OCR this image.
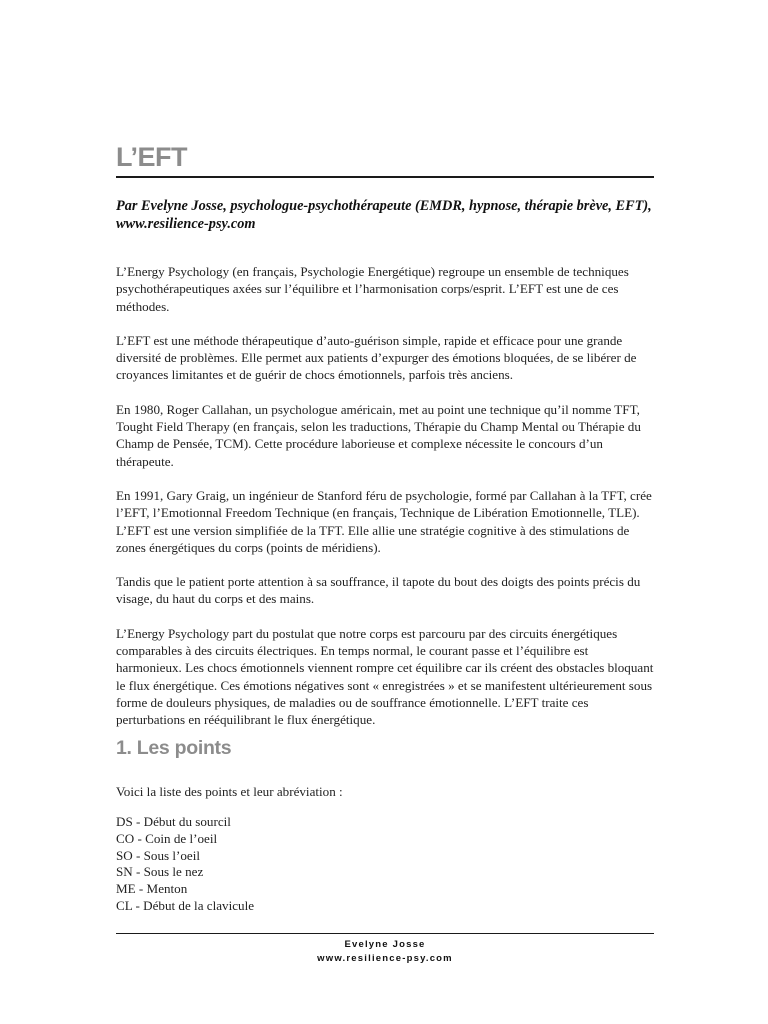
L’EFT

Par Evelyne Josse, psychologue-psychothérapeute (EMDR, hypnose, thérapie brève, EFT), www.resilience-psy.com

L’Energy Psychology (en français, Psychologie Energétique) regroupe un ensemble de techniques psychothérapeutiques axées sur l’équilibre et l’harmonisation corps/esprit. L’EFT est une de ces méthodes.

L’EFT est une méthode thérapeutique d’auto-guérison simple, rapide et efficace pour une grande diversité de problèmes. Elle permet aux patients d’expurger des émotions bloquées, de se libérer de croyances limitantes et de guérir de chocs émotionnels, parfois très anciens.

En 1980, Roger Callahan, un psychologue américain, met au point une technique qu’il nomme TFT, Tought Field Therapy (en français, selon les traductions, Thérapie du Champ Mental ou Thérapie du Champ de Pensée, TCM). Cette procédure laborieuse et complexe nécessite le concours d’un thérapeute.

En 1991, Gary Graig, un ingénieur de Stanford féru de psychologie, formé par Callahan à la TFT, crée l’EFT, l’Emotionnal Freedom Technique (en français, Technique de Libération Emotionnelle, TLE). L’EFT est une version simplifiée de la TFT. Elle allie une stratégie cognitive à des stimulations de zones énergétiques du corps (points de méridiens).

Tandis que le patient porte attention à sa souffrance, il tapote du bout des doigts des points précis du visage, du haut du corps et des mains.

L’Energy Psychology part du postulat que notre corps est parcouru par des circuits énergétiques comparables à des circuits électriques. En temps normal, le courant passe et l’équilibre est harmonieux. Les chocs émotionnels viennent rompre cet équilibre car ils créent des obstacles bloquant le flux énergétique. Ces émotions négatives sont « enregistrées » et se manifestent ultérieurement sous forme de douleurs physiques, de maladies ou de souffrance émotionnelle. L’EFT traite ces perturbations en rééquilibrant le flux énergétique.

1. Les points

Voici la liste des points et leur abréviation :

DS - Début du sourcil
CO - Coin de l’oeil
SO - Sous l’oeil
SN - Sous le nez
ME - Menton
CL - Début de la clavicule
Evelyne Josse
www.resilience-psy.com
